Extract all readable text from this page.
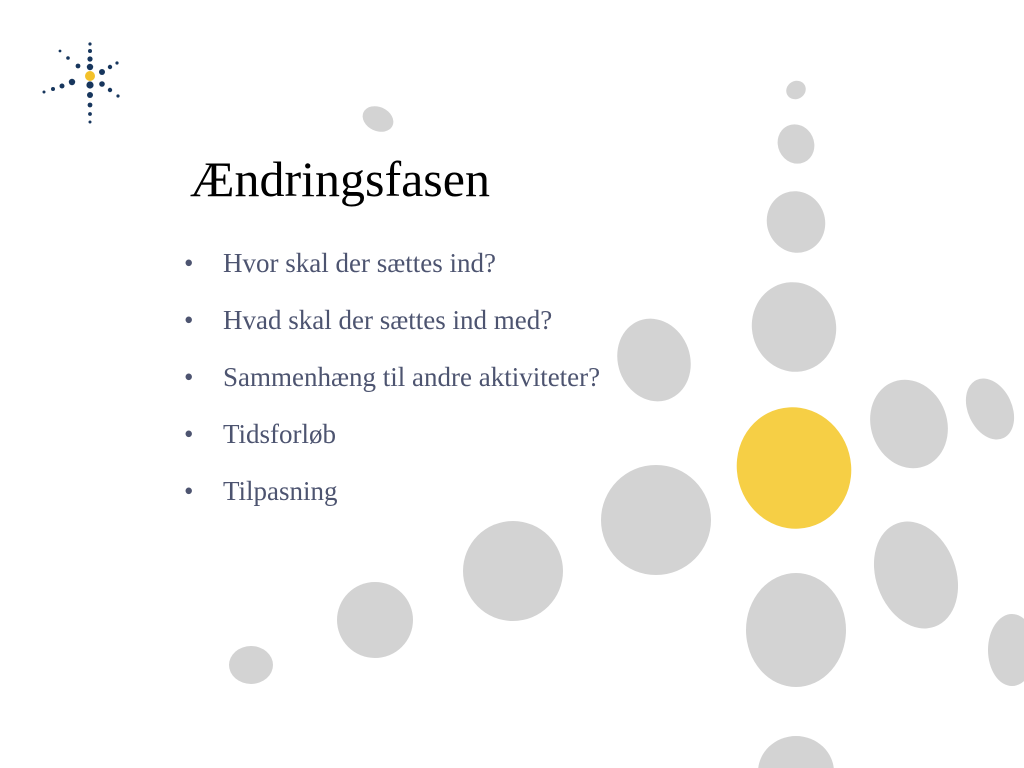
Ændringsfasen
•	Hvor skal der sættes ind?
•	Hvad skal der sættes ind med?
•	Sammenhæng til andre aktiviteter?
•	Tidsforløb
•	Tilpasning
